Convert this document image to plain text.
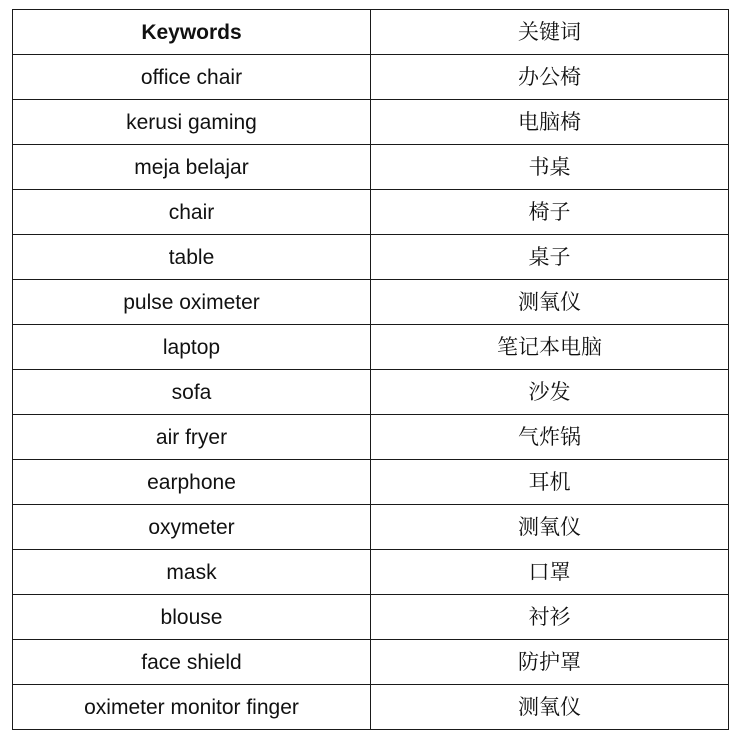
Keywords	关键词
office chair	办公椅
kerusi gaming	电脑椅
meja belajar	书桌
chair	椅子
table	桌子
pulse oximeter	测氧仪
laptop	笔记本电脑
sofa	沙发
air fryer	气炸锅
earphone	耳机
oxymeter	测氧仪
mask	口罩
blouse	衬衫
face shield	防护罩
oximeter monitor finger	测氧仪
